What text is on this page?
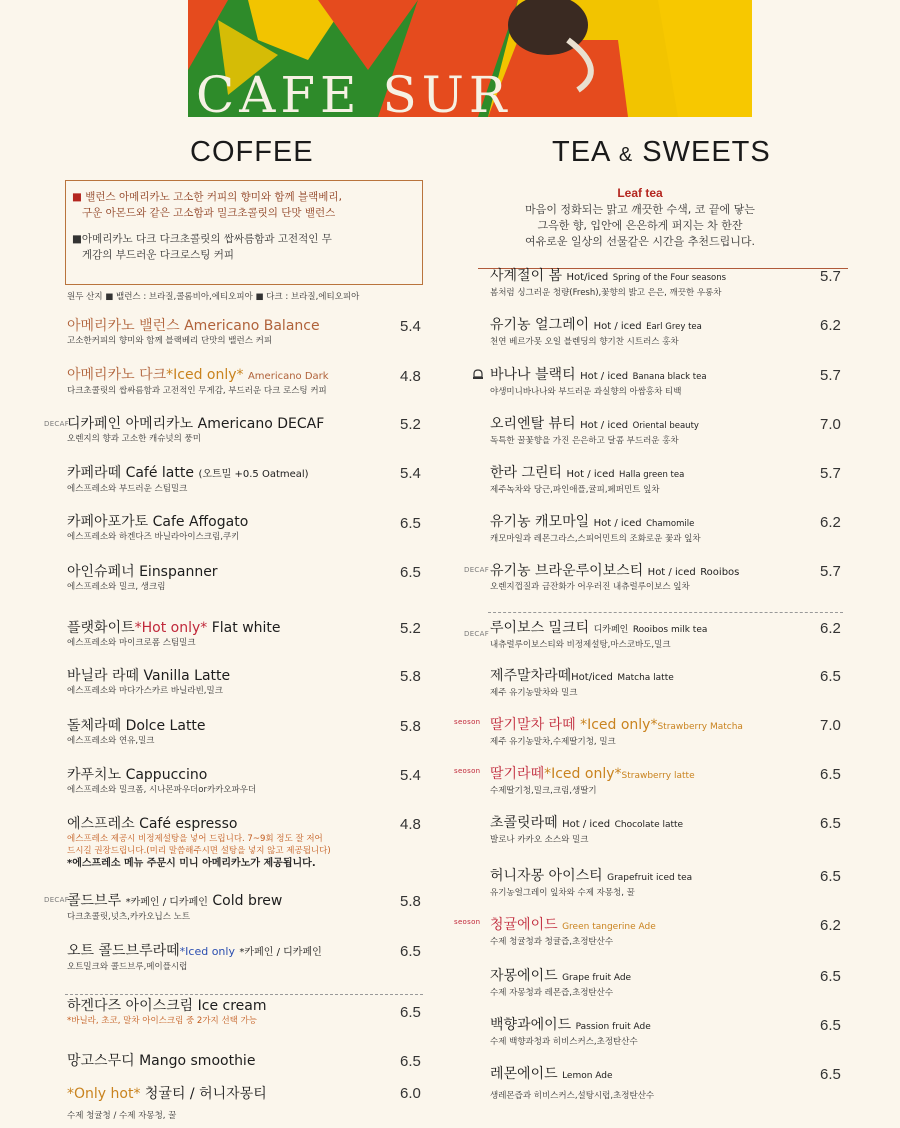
CAFE SUR
COFFEE	TEA & SWEETS

■ 밸런스 아메리카노 고소한 커피의 향미와 함께 블랙베리,
구운 아몬드와 같은 고소함과 밀크초콜릿의 단맛 밸런스

■아메리카노 다크 다크초콜릿의 쌉싸름함과 고전적인 무
게감의 부드러운 다크로스팅 커피

원두 산지 ■ 밸런스 : 브라질,콜롬비아,에티오피아 ■ 다크 : 브라질,에티오피아
Leaf tea
마음이 정화되는 맑고 깨끗한 수색, 코 끝에 닿는
그윽한 향, 입안에 은은하게 퍼지는 차 한잔
여유로운 일상의 선물같은 시간을 추천드립니다.
아메리카노 밸런스 Americano Balance
고소한커피의 향미와 함께 블랙베리 단맛의 밸런스 커피
5.4
아메리카노 다크*Iced only* Americano Dark
다크초콜릿의 쌉싸름함과 고전적인 무게감, 부드러운 다크 로스팅 커피
4.8
DECAF
디카페인 아메리카노 Americano DECAF
오렌지의 향과 고소한 캐슈넛의 풍미
5.2
카페라떼 Café latte (오트밀 +0.5 Oatmeal)
에스프레소와 부드러운 스팀밀크
5.4
카페아포가토 Cafe Affogato
에스프레소와 하겐다즈 바닐라아이스크림,쿠키
6.5
아인슈페너 Einspanner
에스프레소와 밀크, 생크림
6.5
플랫화이트*Hot only* Flat white
에스프레소와 마이크로폼 스팀밀크
5.2
바닐라 라떼 Vanilla Latte
에스프레소와 마다가스카르 바닐라빈,밀크
5.8
돌체라떼 Dolce Latte
에스프레소와 연유,밀크
5.8
카푸치노 Cappuccino
에스프레소와 밀크폼, 시나몬파우더or카카오파우더
5.4
에스프레소 Café espresso
에스프레소 제공시 비정제설탕을 넣어 드립니다. 7~9회 정도 잘 저어
드시길 권장드립니다.(미리 말씀해주시면 설탕을 넣지 않고 제공됩니다)
*에스프레소 메뉴 주문시 미니 아메리카노가 제공됩니다.
4.8
DECAF
콜드브루 *카페인 / 디카페인 Cold brew
다크초콜릿,넛츠,카카오닙스 노트
5.8
오트 콜드브루라떼*Iced only *카페인 / 디카페인
오트밀크와 콜드브루,메이플시럽
6.5
하겐다즈 아이스크림 Ice cream
*바닐라, 초코, 말차 아이스크림 중 2가지 선택 가능	6.5
망고스무디 Mango smoothie	6.5
*Only hot* 청귤티 / 허니자몽티
수제 청귤청 / 수제 자몽청, 꿀
6.0
사계절이 봄 Hot/iced Spring of the Four seasons
봄처럼 싱그러운 청량(Fresh),꽃향의 밝고 은은, 깨끗한 우롱차
5.7
유기농 얼그레이 Hot / iced Earl Grey tea
천연 베르가못 오일 블렌딩의 향기찬 시트러스 홍차
6.2
바나나 블랙티 Hot / iced Banana black tea
야생미니바나나와 부드러운 과실향의 아쌈홍차 티백
5.7
오리엔탈 뷰티 Hot / iced Oriental beauty
독특한 꿀꽃향을 가진 은은하고 달콤 부드러운 홍차
7.0
한라 그린티 Hot / iced Halla green tea
제주녹차와 당근,파인애플,귤피,페퍼민트 잎차
5.7
유기농 캐모마일 Hot / iced Chamomile
캐모마일과 레몬그라스,스피어민트의 조화로운 꽃과 잎차
6.2
DECAF 유기농 브라운루이보스티 Hot / iced Rooibos
오렌지껍질과 금잔화가 어우러진 내츄럴루이보스 잎차
5.7
DECAF 루이보스 밀크티 디카페인 Rooibos milk tea
내츄럴루이보스티와 비정제설탕,마스코바도,밀크
6.2
제주말차라떼Hot/iced Matcha latte
제주 유기농말차와 밀크
6.5
seoson 딸기말차 라떼 *Iced only*Strawberry Matcha
제주 유기농말차,수제딸기청, 밀크
7.0
seoson 딸기라떼*Iced only*Strawberry latte
수제딸기청,밀크,크림,생딸기
6.5
초콜릿라떼 Hot / iced Chocolate latte
발로나 카카오 소스와 밀크
6.5
허니자몽 아이스티 Grapefruit iced tea
유기농얼그레이 잎차와 수제 자몽청, 꿀
6.5
seoson 청귤에이드 Green tangerine Ade
수제 청귤청과 청귤즙,초정탄산수
6.2
자몽에이드 Grape fruit Ade
수제 자몽청과 레몬즙,초정탄산수
6.5
백향과에이드 Passion fruit Ade
수제 백향과청과 히비스커스,초정탄산수
6.5
레몬에이드 Lemon Ade
생레몬즙과 히비스커스,설탕시럽,초정탄산수
6.5
